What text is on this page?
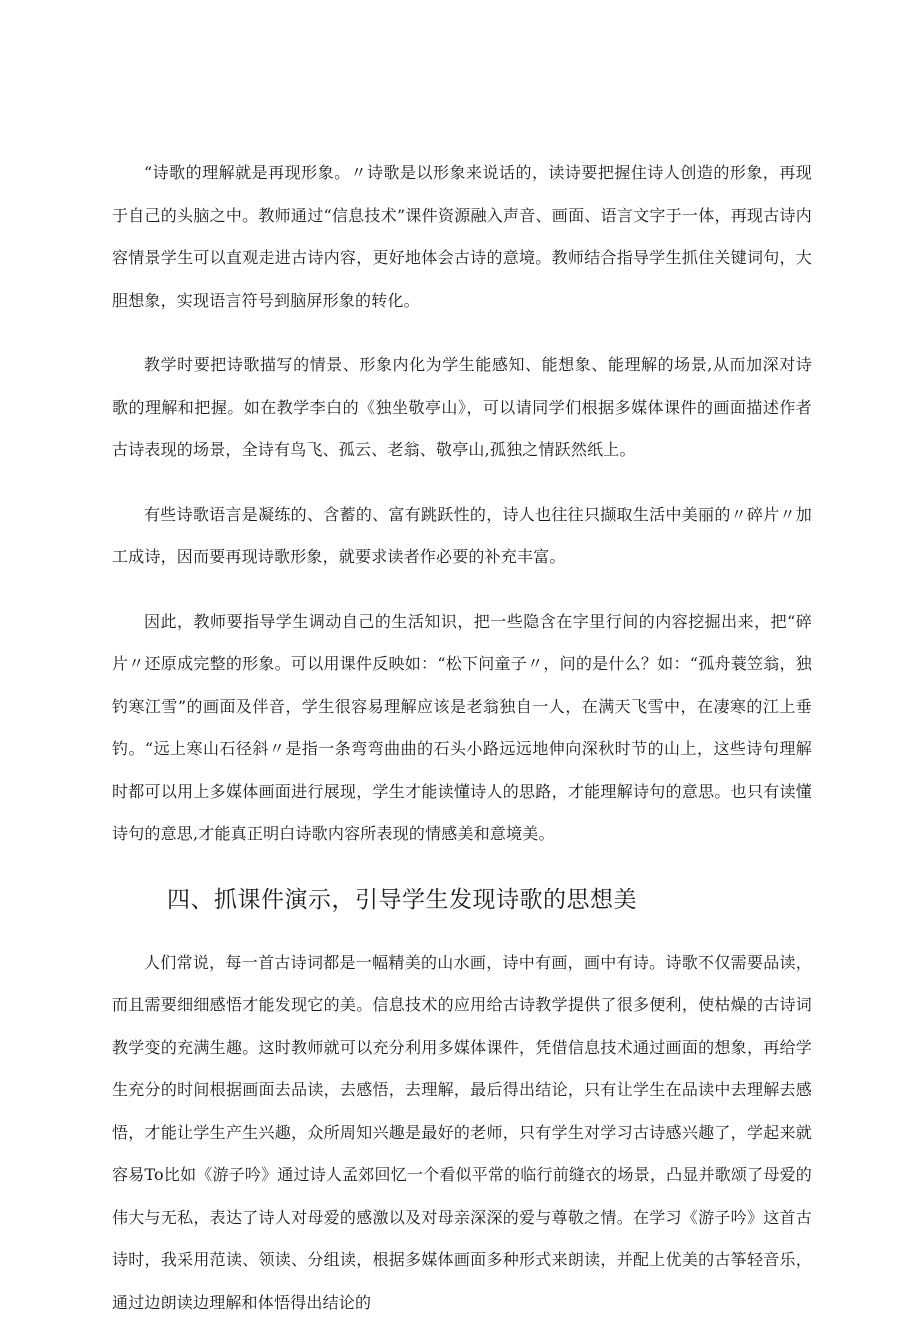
“诗歌的理解就是再现形象。〃诗歌是以形象来说话的，读诗要把握住诗人创造的形象，再现于自己的头脑之中。教师通过“信息技术”课件资源融入声音、画面、语言文字于一体，再现古诗内容情景学生可以直观走进古诗内容，更好地体会古诗的意境。教师结合指导学生抓住关键词句，大胆想象，实现语言符号到脑屏形象的转化。

教学时要把诗歌描写的情景、形象内化为学生能感知、能想象、能理解的场景,从而加深对诗歌的理解和把握。如在教学李白的《独坐敬亭山》，可以请同学们根据多媒体课件的画面描述作者古诗表现的场景，全诗有鸟飞、孤云、老翁、敬亭山,孤独之情跃然纸上。

有些诗歌语言是凝练的、含蓄的、富有跳跃性的，诗人也往往只撷取生活中美丽的〃碎片〃加工成诗，因而要再现诗歌形象，就要求读者作必要的补充丰富。

因此，教师要指导学生调动自己的生活知识，把一些隐含在字里行间的内容挖掘出来，把“碎片〃还原成完整的形象。可以用课件反映如：“松下问童子〃，问的是什么？如：“孤舟蓑笠翁，独钓寒江雪”的画面及伴音，学生很容易理解应该是老翁独自一人，在满天飞雪中，在凄寒的江上垂钓。“远上寒山石径斜〃是指一条弯弯曲曲的石头小路远远地伸向深秋时节的山上，这些诗句理解时都可以用上多媒体画面进行展现，学生才能读懂诗人的思路，才能理解诗句的意思。也只有读懂诗句的意思,才能真正明白诗歌内容所表现的情感美和意境美。

四、抓课件演示，引导学生发现诗歌的思想美

人们常说，每一首古诗词都是一幅精美的山水画，诗中有画，画中有诗。诗歌不仅需要品读，而且需要细细感悟才能发现它的美。信息技术的应用给古诗教学提供了很多便利，使枯燥的古诗词教学变的充满生趣。这时教师就可以充分利用多媒体课件，凭借信息技术通过画面的想象，再给学生充分的时间根据画面去品读，去感悟，去理解，最后得出结论，只有让学生在品读中去理解去感悟，才能让学生产生兴趣，众所周知兴趣是最好的老师，只有学生对学习古诗感兴趣了，学起来就容易To比如《游子吟》通过诗人孟郊回忆一个看似平常的临行前缝衣的场景，凸显并歌颂了母爱的伟大与无私，表达了诗人对母爱的感激以及对母亲深深的爱与尊敬之情。在学习《游子吟》这首古诗时，我采用范读、领读、分组读，根据多媒体画面多种形式来朗读，并配上优美的古筝轻音乐，通过边朗读边理解和体悟得出结论的
